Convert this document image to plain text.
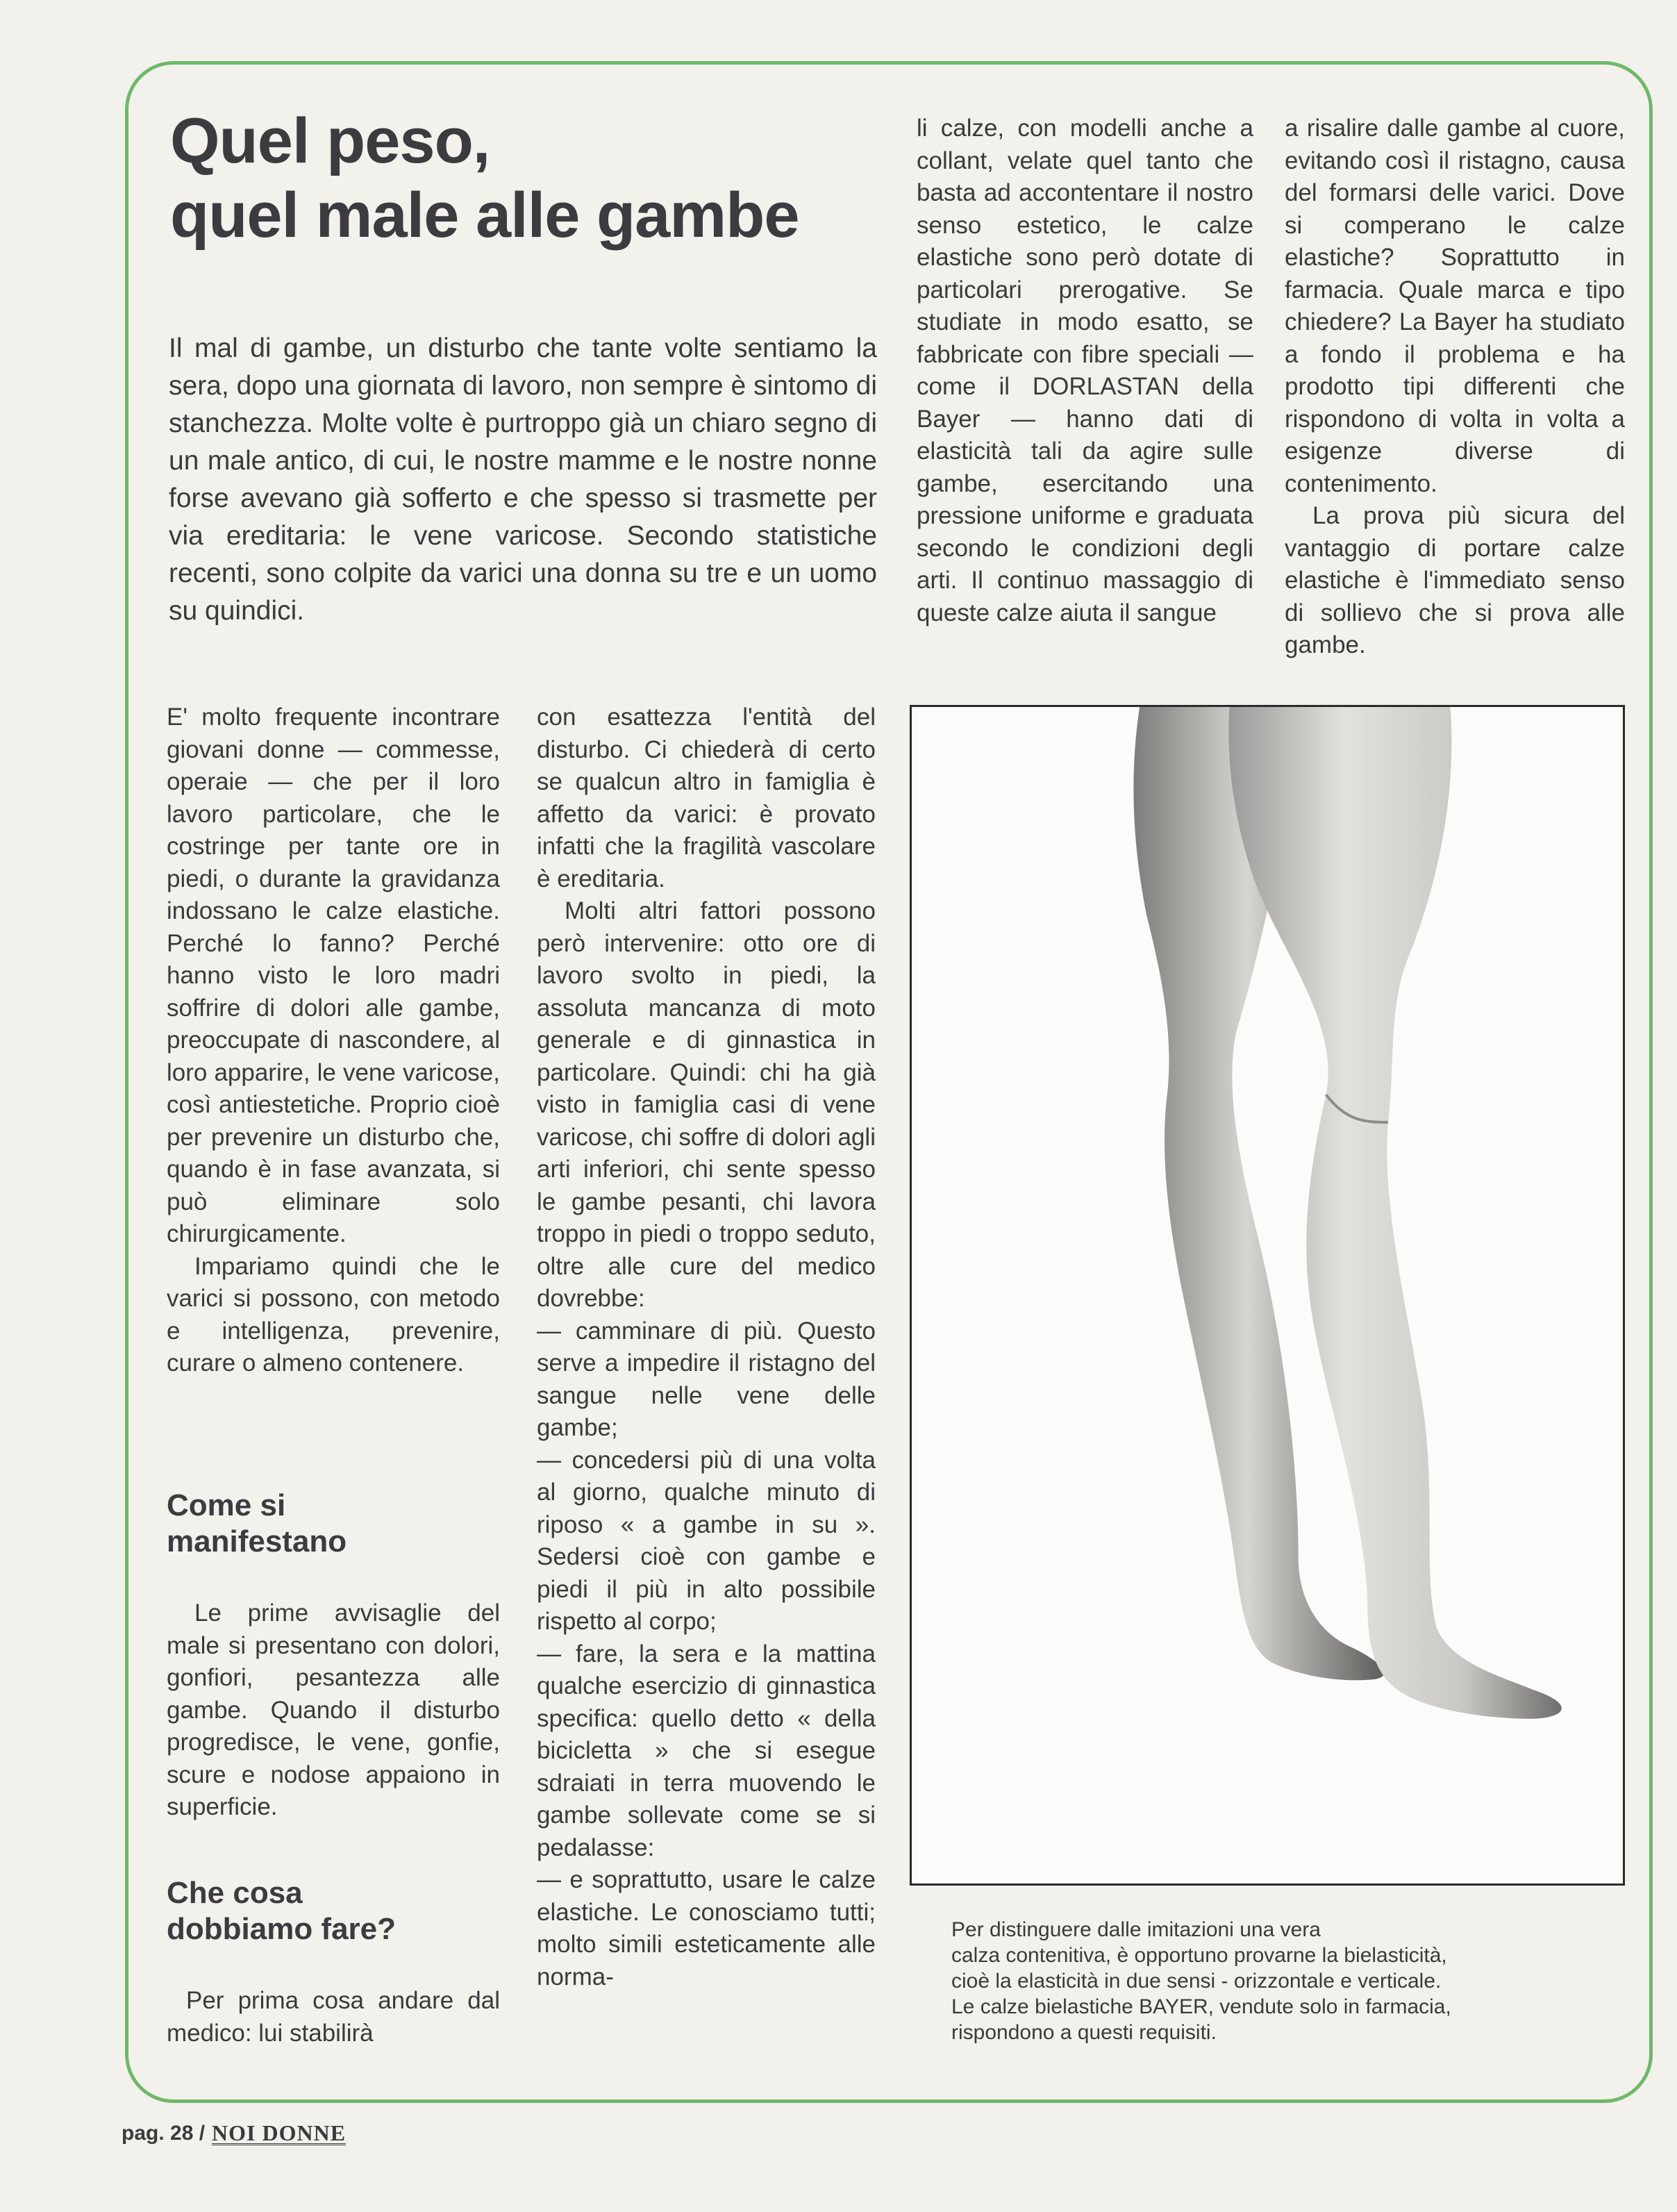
Quel peso,
quel male alle gambe

Il mal di gambe, un disturbo che tante volte sentiamo la sera, dopo una giornata di lavoro, non sempre è sintomo di stanchezza. Molte volte è purtroppo già un chiaro segno di un male antico, di cui, le nostre mamme e le nostre nonne forse avevano già sofferto e che spesso si trasmette per via ereditaria: le vene varicose. Secondo statistiche recenti, sono colpite da varici una donna su tre e un uomo su quindici.

li calze, con modelli anche a collant, velate quel tanto che basta ad accontentare il nostro senso estetico, le calze elastiche sono però dotate di particolari prerogative. Se studiate in modo esatto, se fabbricate con fibre speciali — come il DORLASTAN della Bayer — hanno dati di elasticità tali da agire sulle gambe, esercitando una pressione uniforme e graduata secondo le condizioni degli arti. Il continuo massaggio di queste calze aiuta il sangue

a risalire dalle gambe al cuore, evitando così il ristagno, causa del formarsi delle varici. Dove si comperano le calze elastiche? Soprattutto in farmacia. Quale marca e tipo chiedere? La Bayer ha studiato a fondo il problema e ha prodotto tipi differenti che rispondono di volta in volta a esigenze diverse di contenimento.

La prova più sicura del vantaggio di portare calze elastiche è l'immediato senso di sollievo che si prova alle gambe.

E' molto frequente incontrare giovani donne — commesse, operaie — che per il loro lavoro particolare, che le costringe per tante ore in piedi, o durante la gravidanza indossano le calze elastiche. Perché lo fanno? Perché hanno visto le loro madri soffrire di dolori alle gambe, preoccupate di nascondere, al loro apparire, le vene varicose, così antiestetiche. Proprio cioè per prevenire un disturbo che, quando è in fase avanzata, si può eliminare solo chirurgicamente.

Impariamo quindi che le varici si possono, con metodo e intelligenza, prevenire, curare o almeno contenere.

Come si
manifestano

Le prime avvisaglie del male si presentano con dolori, gonfiori, pesantezza alle gambe. Quando il disturbo progredisce, le vene, gonfie, scure e nodose appaiono in superficie.

Che cosa
dobbiamo fare?

Per prima cosa andare dal medico: lui stabilirà

con esattezza l'entità del disturbo. Ci chiederà di certo se qualcun altro in famiglia è affetto da varici: è provato infatti che la fragilità vascolare è ereditaria.

Molti altri fattori possono però intervenire: otto ore di lavoro svolto in piedi, la assoluta mancanza di moto generale e di ginnastica in particolare. Quindi: chi ha già visto in famiglia casi di vene varicose, chi soffre di dolori agli arti inferiori, chi sente spesso le gambe pesanti, chi lavora troppo in piedi o troppo seduto, oltre alle cure del medico dovrebbe:

— camminare di più. Questo serve a impedire il ristagno del sangue nelle vene delle gambe;

— concedersi più di una volta al giorno, qualche minuto di riposo « a gambe in su ». Sedersi cioè con gambe e piedi il più in alto possibile rispetto al corpo;

— fare, la sera e la mattina qualche esercizio di ginnastica specifica: quello detto « della bicicletta » che si esegue sdraiati in terra muovendo le gambe sollevate come se si pedalasse:

— e soprattutto, usare le calze elastiche. Le conosciamo tutti; molto simili esteticamente alle norma-

Per distinguere dalle imitazioni una vera
calza contenitiva, è opportuno provarne la bielasticità,
cioè la elasticità in due sensi - orizzontale e verticale.
Le calze bielastiche BAYER, vendute solo in farmacia,
rispondono a questi requisiti.

pag. 28 / NOI DONNE
